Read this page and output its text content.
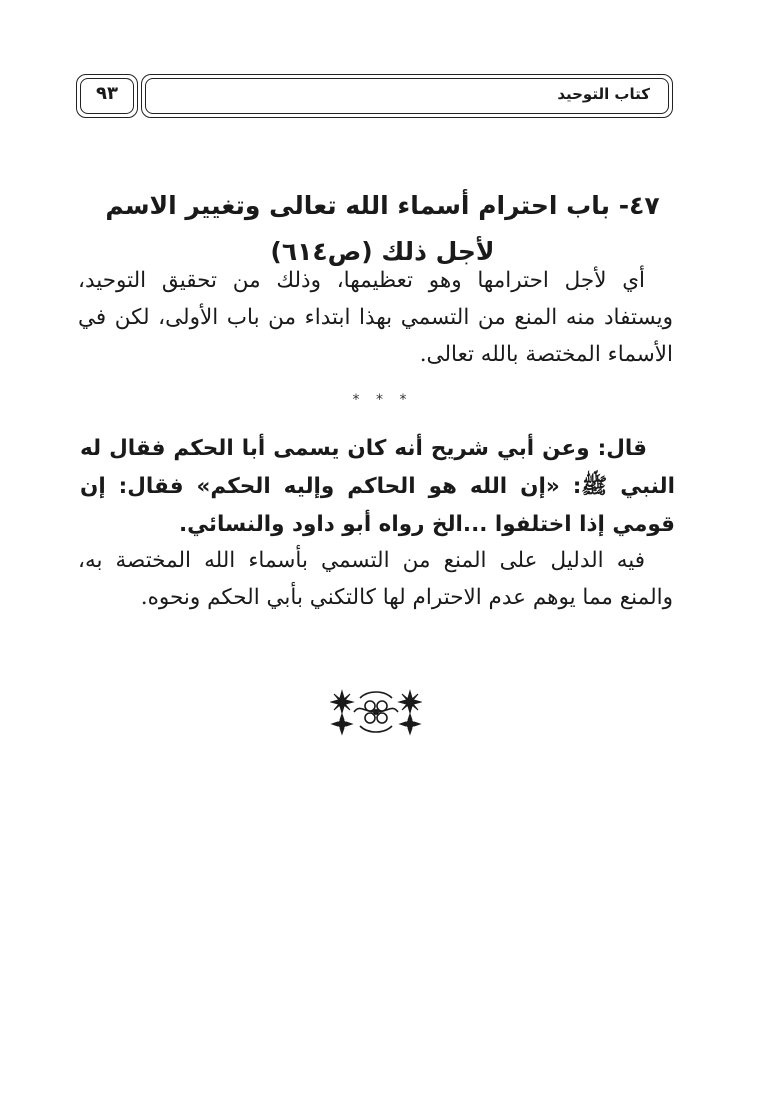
كتاب التوحيد
٩٣
٤٧- باب احترام أسماء الله تعالى وتغيير الاسم لأجل ذلك (ص٦١٤)
أي لأجل احترامها وهو تعظيمها، وذلك من تحقيق التوحيد، ويستفاد منه المنع من التسمي بهذا ابتداء من باب الأولى، لكن في الأسماء المختصة بالله تعالى.
* * *
قال: وعن أبي شريح أنه كان يسمى أبا الحكم فقال له النبي ﷺ: «إن الله هو الحاكم وإليه الحكم» فقال: إن قومي إذا اختلفوا ...الخ رواه أبو داود والنسائي.
فيه الدليل على المنع من التسمي بأسماء الله المختصة به، والمنع مما يوهم عدم الاحترام لها كالتكني بأبي الحكم ونحوه.
